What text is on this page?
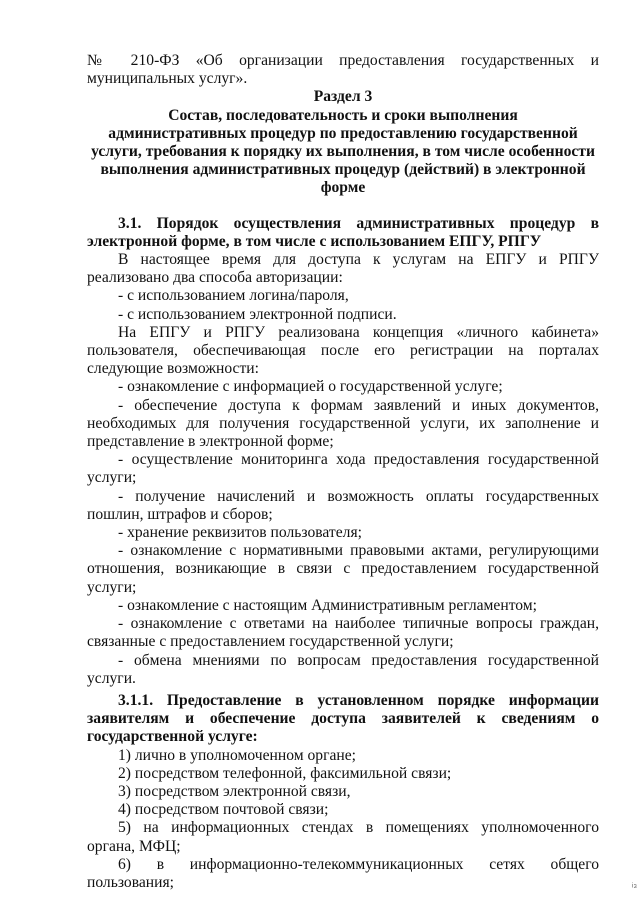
№ 210-ФЗ «Об организации предоставления государственных и

муниципальных услуг».

Раздел 3

Состав, последовательность и сроки выполнения

административных процедур по предоставлению государственной

услуги, требования к порядку их выполнения, в том числе особенности

выполнения административных процедур (действий) в электронной

форме

3.1. Порядок осуществления административных процедур в

электронной форме, в том числе с использованием ЕПГУ, РПГУ

В настоящее время для доступа к услугам на ЕПГУ и РПГУ реализовано два способа авторизации:

- с использованием логина/пароля,

- с использованием электронной подписи.

На ЕПГУ и РПГУ реализована концепция «личного кабинета» пользователя, обеспечивающая после его регистрации на порталах следующие возможности:

- ознакомление с информацией о государственной услуге;

- обеспечение доступа к формам заявлений и иных документов, необходимых для получения государственной услуги, их заполнение и представление в электронной форме;

- осуществление мониторинга хода предоставления государственной услуги;

- получение начислений и возможность оплаты государственных пошлин, штрафов и сборов;

- хранение реквизитов пользователя;

- ознакомление с нормативными правовыми актами, регулирующими отношения, возникающие в связи с предоставлением государственной услуги;

- ознакомление с настоящим Административным регламентом;

- ознакомление с ответами на наиболее типичные вопросы граждан, связанные с предоставлением государственной услуги;

- обмена мнениями по вопросам предоставления государственной услуги.

3.1.1. Предоставление в установленном порядке информации заявителям и обеспечение доступа заявителей к сведениям о государственной услуге:

1) лично в уполномоченном органе;

2) посредством телефонной, факсимильной связи;

3) посредством электронной связи,

4) посредством почтовой связи;

5) на информационных стендах в помещениях уполномоченного органа, МФЦ;

6) в информационно-телекоммуникационных сетях общего пользования;	ᵢ₃
